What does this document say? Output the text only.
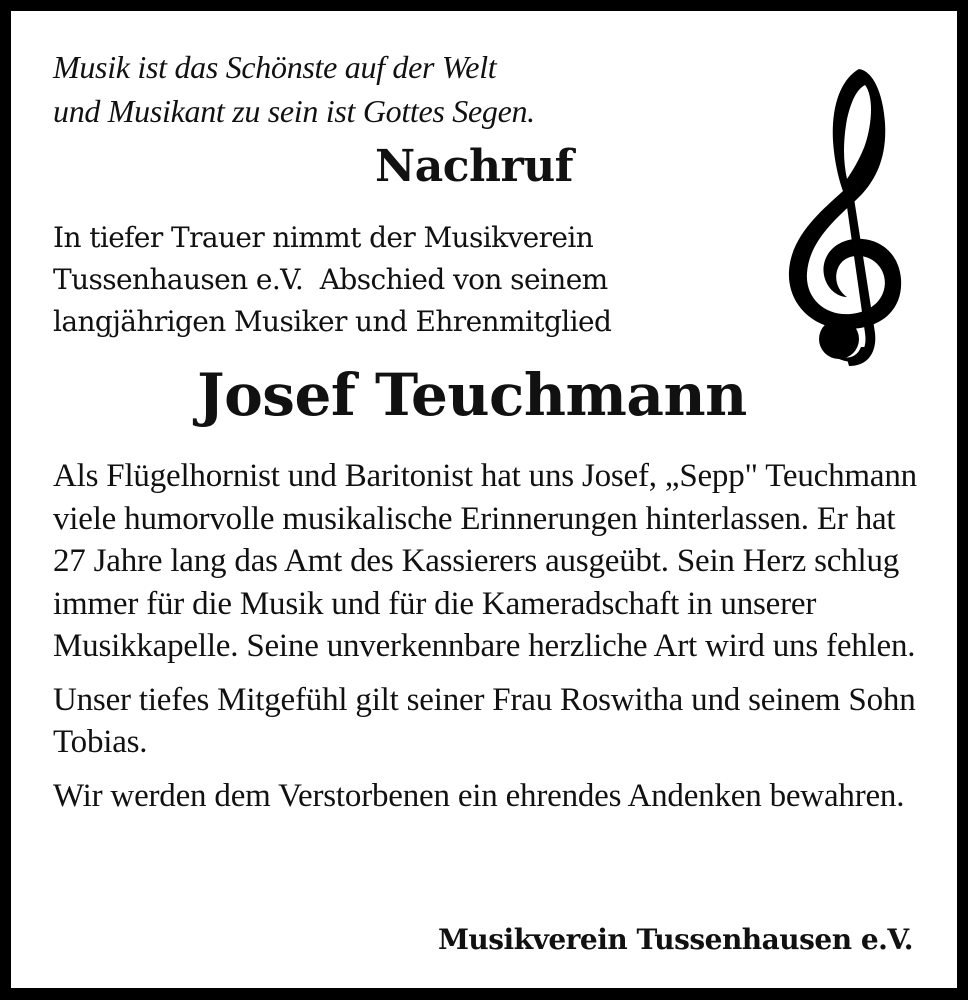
Musik ist das Schönste auf der Welt
und Musikant zu sein ist Gottes Segen.
Nachruf
In tiefer Trauer nimmt der Musikverein
Tussenhausen e.V.  Abschied von seinem
langjährigen Musiker und Ehrenmitglied
Josef Teuchmann

Als Flügelhornist und Baritonist hat uns Josef, „Sepp" Teuchmann viele humorvolle musikalische Erinnerungen hinterlassen. Er hat 27 Jahre lang das Amt des Kassierers ausgeübt. Sein Herz schlug immer für die Musik und für die Kameradschaft in unserer Musikkapelle. Seine unverkennbare herzliche Art wird uns fehlen.

Unser tiefes Mitgefühl gilt seiner Frau Roswitha und seinem Sohn Tobias.

Wir werden dem Verstorbenen ein ehrendes Andenken bewahren.

Musikverein Tussenhausen e.V.
